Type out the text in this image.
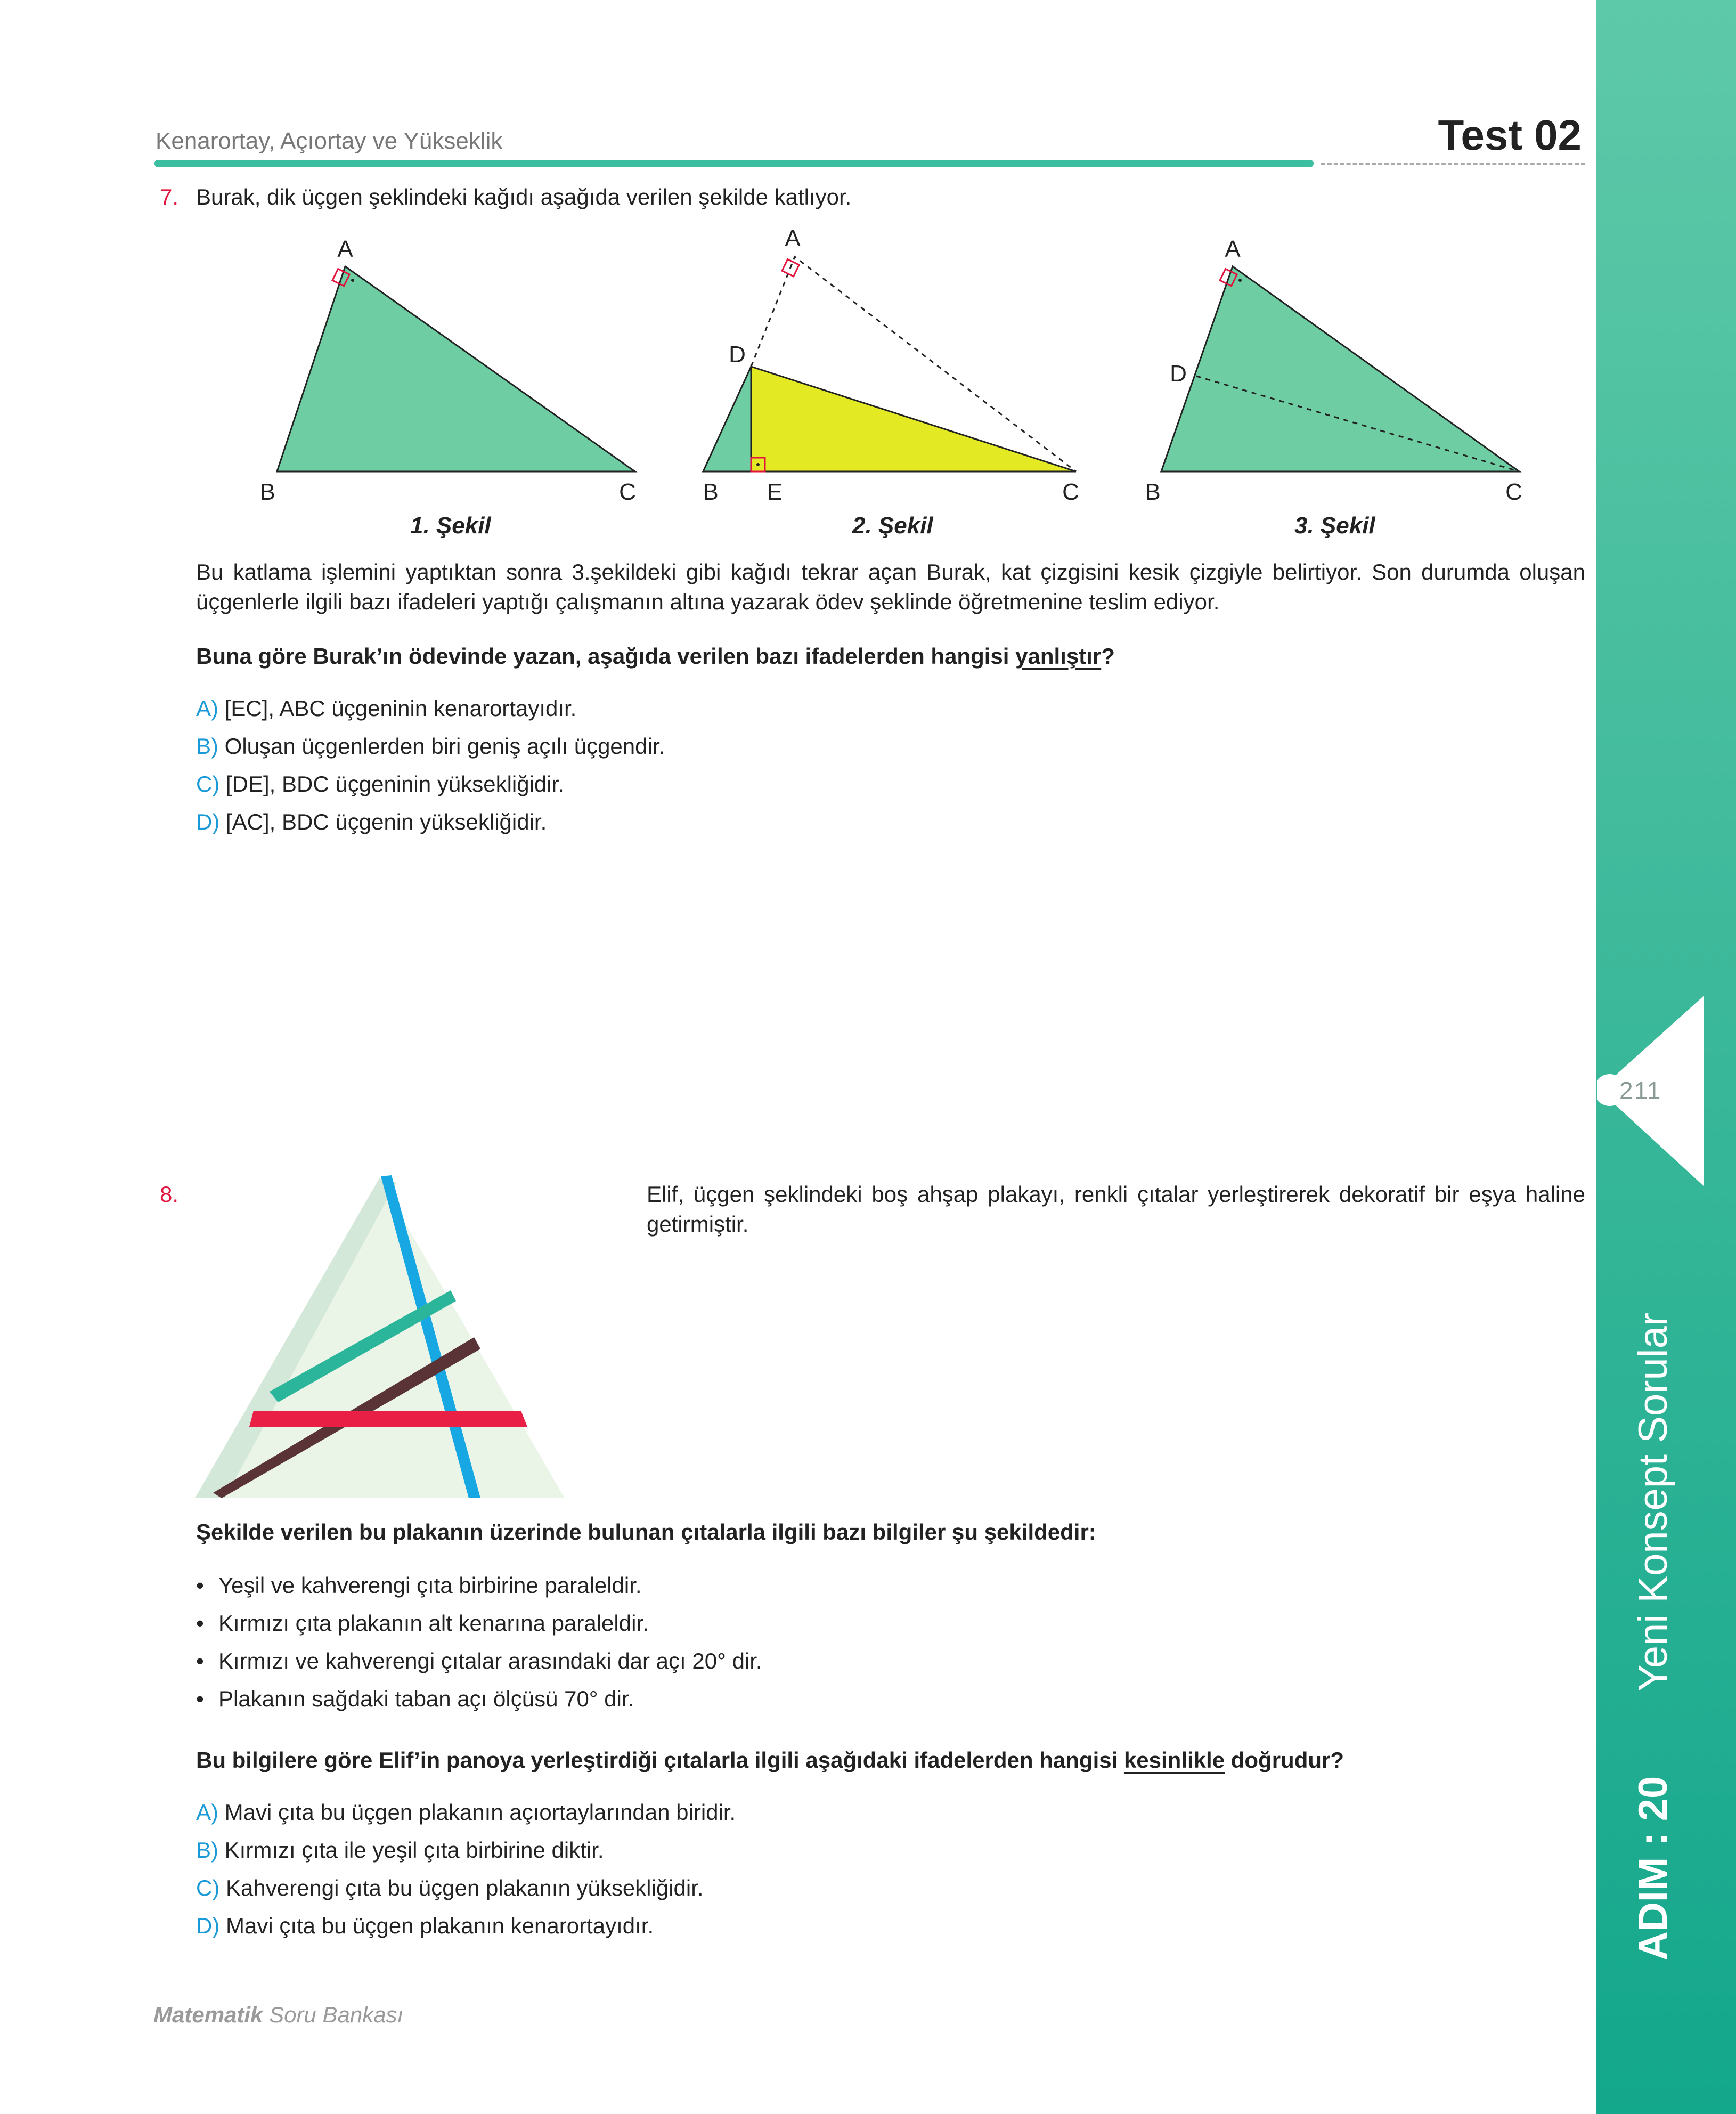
Kenarortay, Açıortay ve Yükseklik	Test 02
211
Yeni Konsept Sorular
ADIM : 20
7. Burak, dik üçgen şeklindeki kağıdı aşağıda verilen şekilde katlıyor.
A
B	C
1. Şekil
A
D
B E	C
2. Şekil
A
D
B	C
3. Şekil
Bu katlama işlemini yaptıktan sonra 3.şekildeki gibi kağıdı tekrar açan Burak, kat çizgisini kesik çizgiyle belirtiyor. Son durumda oluşan üçgenlerle ilgili bazı ifadeleri yaptığı çalışmanın altına yazarak ödev şeklinde öğretmenine teslim ediyor.
Buna göre Burak’ın ödevinde yazan, aşağıda verilen bazı ifadelerden hangisi yanlıştır?
A) [EC], ABC üçgeninin kenarortayıdır.
B) Oluşan üçgenlerden biri geniş açılı üçgendir.
C) [DE], BDC üçgeninin yüksekliğidir.
D) [AC], BDC üçgenin yüksekliğidir.
8.	Elif, üçgen şeklindeki boş ahşap plakayı, renkli çıtalar yerleştirerek dekoratif bir eşya haline getirmiştir.
Şekilde verilen bu plakanın üzerinde bulunan çıtalarla ilgili bazı bilgiler şu şekildedir:
• Yeşil ve kahverengi çıta birbirine paraleldir.
• Kırmızı çıta plakanın alt kenarına paraleldir.
• Kırmızı ve kahverengi çıtalar arasındaki dar açı 20° dir.
• Plakanın sağdaki taban açı ölçüsü 70° dir.
Bu bilgilere göre Elif’in panoya yerleştirdiği çıtalarla ilgili aşağıdaki ifadelerden hangisi kesinlikle doğrudur?
A) Mavi çıta bu üçgen plakanın açıortaylarından biridir.
B) Kırmızı çıta ile yeşil çıta birbirine diktir.
C) Kahverengi çıta bu üçgen plakanın yüksekliğidir.
D) Mavi çıta bu üçgen plakanın kenarortayıdır.
Matematik Soru Bankası
